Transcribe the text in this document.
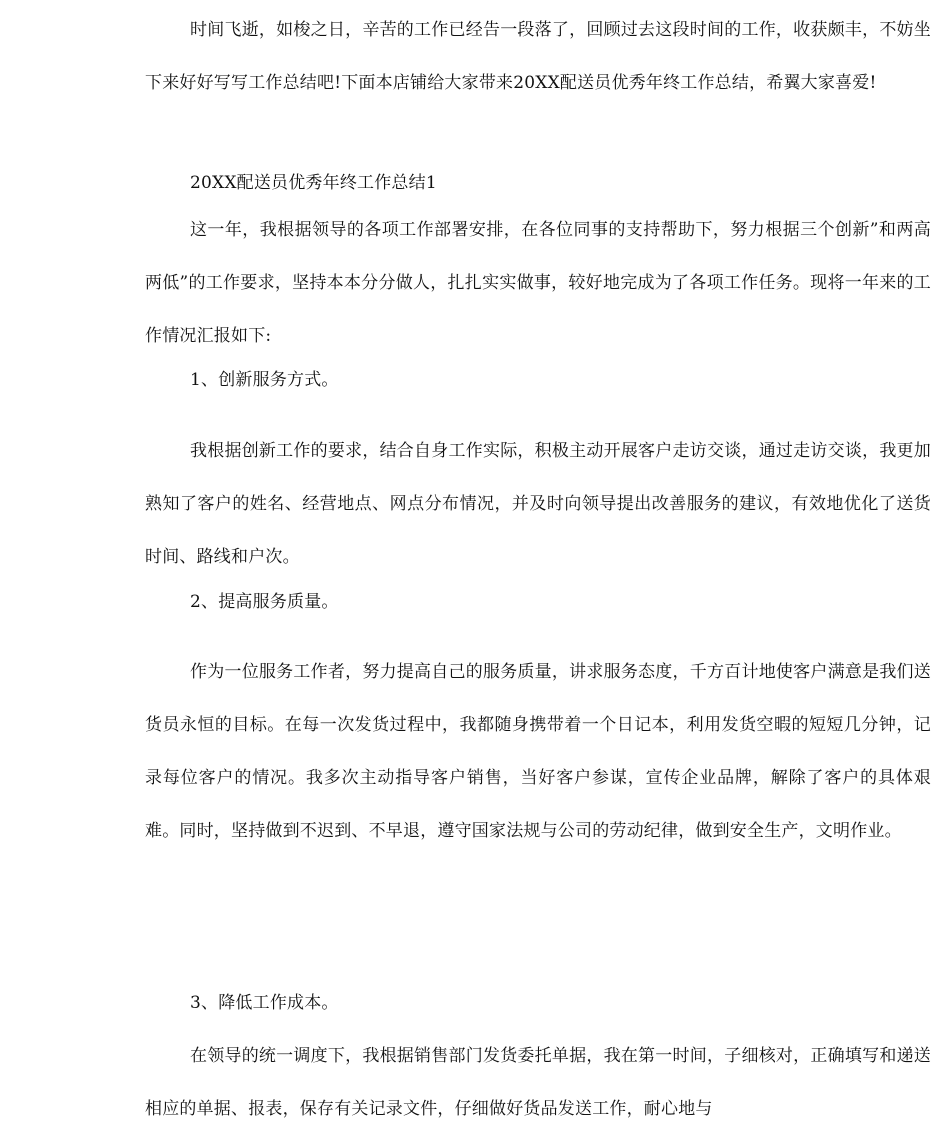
时间飞逝，如梭之日，辛苦的工作已经告一段落了，回顾过去这段时间的工作，收获颇丰，不妨坐下来好好写写工作总结吧!下面本店铺给大家带来20XX配送员优秀年终工作总结，希翼大家喜爱!

20XX配送员优秀年终工作总结1

这一年，我根据领导的各项工作部署安排，在各位同事的支持帮助下，努力根据三个创新”和两高两低”的工作要求，坚持本本分分做人，扎扎实实做事，较好地完成为了各项工作任务。现将一年来的工作情况汇报如下:

1、创新服务方式。

我根据创新工作的要求，结合自身工作实际，积极主动开展客户走访交谈，通过走访交谈，我更加熟知了客户的姓名、经营地点、网点分布情况，并及时向领导提出改善服务的建议，有效地优化了送货时间、路线和户次。

2、提高服务质量。

作为一位服务工作者，努力提高自己的服务质量，讲求服务态度，千方百计地使客户满意是我们送货员永恒的目标。在每一次发货过程中，我都随身携带着一个日记本，利用发货空暇的短短几分钟，记录每位客户的情况。我多次主动指导客户销售，当好客户参谋，宣传企业品牌，解除了客户的具体艰难。同时，坚持做到不迟到、不早退，遵守国家法规与公司的劳动纪律，做到安全生产，文明作业。

3、降低工作成本。

在领导的统一调度下，我根据销售部门发货委托单据，我在第一时间，子细核对，正确填写和递送相应的单据、报表，保存有关记录文件，仔细做好货品发送工作，耐心地与
